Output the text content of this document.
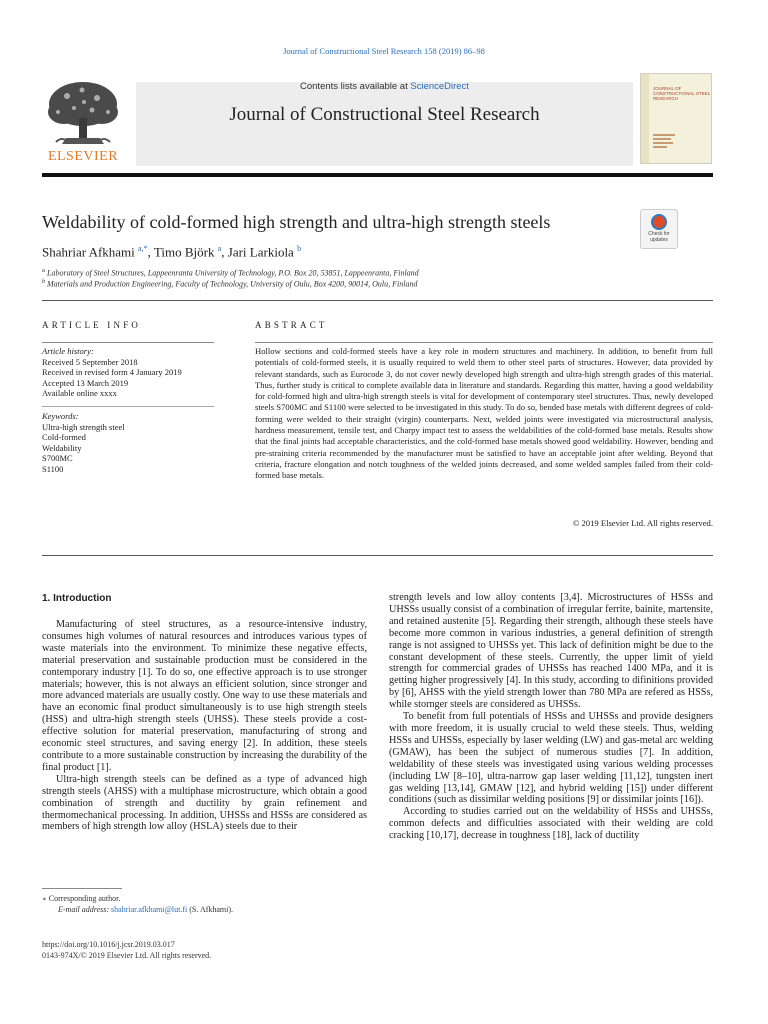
Journal of Constructional Steel Research 158 (2019) 86–98
Contents lists available at ScienceDirect
Journal of Constructional Steel Research
ELSEVIER
JOURNAL OF CONSTRUCTIONAL STEEL RESEARCH
Weldability of cold-formed high strength and ultra-high strength steels
Check for updates
Shahriar Afkhami $^{a,*}$, Timo Björk $^a$, Jari Larkiola $^b$
$^a$ Laboratory of Steel Structures, Lappeenranta University of Technology, P.O. Box 20, 53851, Lappeenranta, Finland
$^b$ Materials and Production Engineering, Faculty of Technology, University of Oulu, Box 4200, 90014, Oulu, Finland
ARTICLE INFO
Article history:
Received 5 September 2018
Received in revised form 4 January 2019
Accepted 13 March 2019
Available online xxxx
Keywords:
Ultra-high strength steel
Cold-formed
Weldability
S700MC
S1100
ABSTRACT
Hollow sections and cold-formed steels have a key role in modern structures and machinery. In addition, to benefit from full potentials of cold-formed steels, it is usually required to weld them to other steel parts of structures. However, data provided by relevant standards, such as Eurocode 3, do not cover newly developed high strength and ultra-high strength grades of this material. Thus, further study is critical to complete available data in literature and standards. Regarding this matter, having a good weldability for cold-formed high and ultra-high strength steels is vital for development of contemporary steel structures. Thus, newly developed steels S700MC and S1100 were selected to be investigated in this study. To do so, bended base metals with different degrees of cold-forming were welded to their straight (virgin) counterparts. Next, welded joints were investigated via microstructural analysis, hardness measurement, tensile test, and Charpy impact test to assess the weldabilities of the cold-formed base metals. Results show that the final joints had acceptable characteristics, and the cold-formed base metals showed good weldability. However, bending and pre-straining criteria recommended by the manufacturer must be satisfied to have an acceptable joint after welding. Beyond that criteria, fracture elongation and notch toughness of the welded joints decreased, and some welded samples failed from their cold-formed base metals.
© 2019 Elsevier Ltd. All rights reserved.
1. Introduction

Manufacturing of steel structures, as a resource-intensive industry, consumes high volumes of natural resources and introduces various types of waste materials into the environment. To minimize these negative effects, material preservation and sustainable production must be considered in the contemporary industry [1]. To do so, one effective approach is to use stronger materials; however, this is not always an efficient solution, since stronger and more advanced materials are usually costly. One way to use these materials and have an economic final product simultaneously is to use high strength steels (HSS) and ultra-high strength steels (UHSS). These steels provide a cost-effective solution for material preservation, manufacturing of strong and economic steel structures, and saving energy [2]. In addition, these steels contribute to a more sustainable construction by increasing the durability of the final product [1].

Ultra-high strength steels can be defined as a type of advanced high strength steels (AHSS) with a multiphase microstructure, which obtain a good combination of strength and ductility by grain refinement and thermomechanical processing. In addition, UHSSs and HSSs are considered as members of high strength low alloy (HSLA) steels due to their

strength levels and low alloy contents [3,4]. Microstructures of HSSs and UHSSs usually consist of a combination of irregular ferrite, bainite, martensite, and retained austenite [5]. Regarding their strength, although these steels have become more common in various industries, a general definition of strength range is not assigned to UHSSs yet. This lack of definition might be due to the constant development of these steels. Currently, the upper limit of yield strength for commercial grades of UHSSs has reached 1400 MPa, and it is getting higher progressively [4]. In this study, according to difinitions provided by [6], AHSS with the yield strength lower than 780 MPa are refered as HSSs, while stornger steels are considered as UHSSs.

To benefit from full potentials of HSSs and UHSSs and provide designers with more freedom, it is usually crucial to weld these steels. Thus, welding HSSs and UHSSs, especially by laser welding (LW) and gas-metal arc welding (GMAW), has been the subject of numerous studies [7]. In addition, weldability of these steels was investigated using various welding processes (including LW [8–10], ultra-narrow gap laser welding [11,12], tungsten inert gas welding [13,14], GMAW [12], and hybrid welding [15]) under different conditions (such as dissimilar welding positions [9] or dissimilar joints [16]).

According to studies carried out on the weldability of HSSs and UHSSs, common defects and difficulties associated with their welding are cold cracking [10,17], decrease in toughness [18], lack of ductility

∗ Corresponding author.
E-mail address: shahriar.afkhami@lut.fi (S. Afkhami).
https://doi.org/10.1016/j.jcsr.2019.03.017
0143-974X/© 2019 Elsevier Ltd. All rights reserved.
